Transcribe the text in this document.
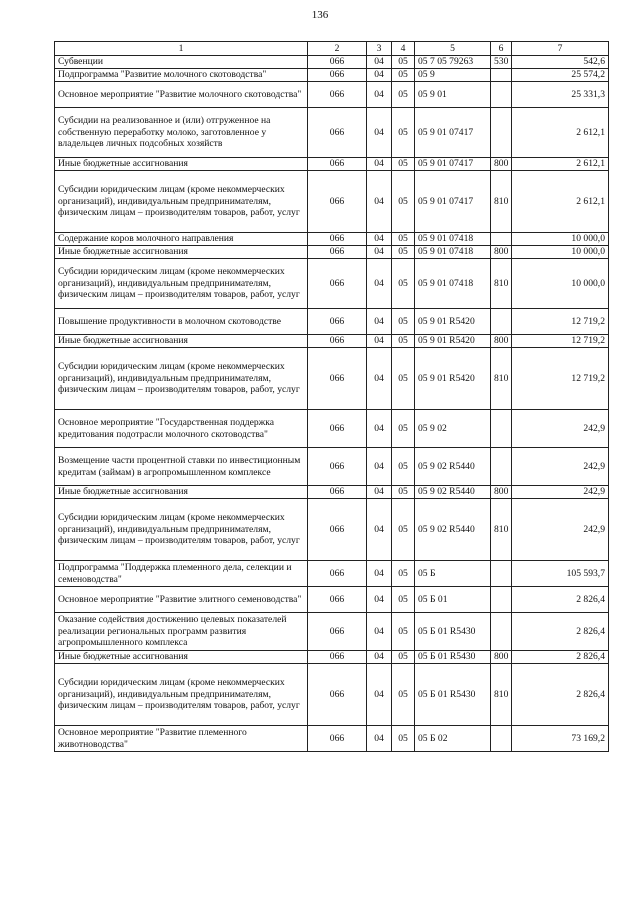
136
1	2	3	4	5	6	7
Субвенции	066	04	05	05 7 05 79263	530	542,6
Подпрограмма "Развитие молочного скотоводства"	066	04	05	05 9		25 574,2
Основное мероприятие "Развитие молочного скотоводства"	066	04	05	05 9 01		25 331,3
Субсидии на реализованное и (или) отгруженное на собственную переработку молоко, заготовленное у владельцев личных подсобных хозяйств	066	04	05	05 9 01 07417		2 612,1
Иные бюджетные ассигнования	066	04	05	05 9 01 07417	800	2 612,1
Субсидии юридическим лицам (кроме некоммерческих организаций), индивидуальным предпринимателям, физическим лицам – производителям товаров, работ, услуг	066	04	05	05 9 01 07417	810	2 612,1
Содержание коров молочного направления	066	04	05	05 9 01 07418		10 000,0
Иные бюджетные ассигнования	066	04	05	05 9 01 07418	800	10 000,0
Субсидии юридическим лицам (кроме некоммерческих организаций), индивидуальным предпринимателям, физическим лицам – производителям товаров, работ, услуг	066	04	05	05 9 01 07418	810	10 000,0
Повышение продуктивности в молочном скотоводстве	066	04	05	05 9 01 R5420		12 719,2
Иные бюджетные ассигнования	066	04	05	05 9 01 R5420	800	12 719,2
Субсидии юридическим лицам (кроме некоммерческих организаций), индивидуальным предпринимателям, физическим лицам – производителям товаров, работ, услуг	066	04	05	05 9 01 R5420	810	12 719,2
Основное мероприятие "Государственная поддержка кредитования подотрасли молочного скотоводства"	066	04	05	05 9 02		242,9
Возмещение части процентной ставки по инвестиционным кредитам (займам) в агропромышленном комплексе	066	04	05	05 9 02 R5440		242,9
Иные бюджетные ассигнования	066	04	05	05 9 02 R5440	800	242,9
Субсидии юридическим лицам (кроме некоммерческих организаций), индивидуальным предпринимателям, физическим лицам – производителям товаров, работ, услуг	066	04	05	05 9 02 R5440	810	242,9
Подпрограмма "Поддержка племенного дела, селекции и семеноводства"	066	04	05	05 Б		105 593,7
Основное мероприятие "Развитие элитного семеноводства"	066	04	05	05 Б 01		2 826,4
Оказание содействия достижению целевых показателей реализации региональных программ развития агропромышленного комплекса	066	04	05	05 Б 01 R5430		2 826,4
Иные бюджетные ассигнования	066	04	05	05 Б 01 R5430	800	2 826,4
Субсидии юридическим лицам (кроме некоммерческих организаций), индивидуальным предпринимателям, физическим лицам – производителям товаров, работ, услуг	066	04	05	05 Б 01 R5430	810	2 826,4
Основное мероприятие "Развитие племенного животноводства"	066	04	05	05 Б 02		73 169,2
